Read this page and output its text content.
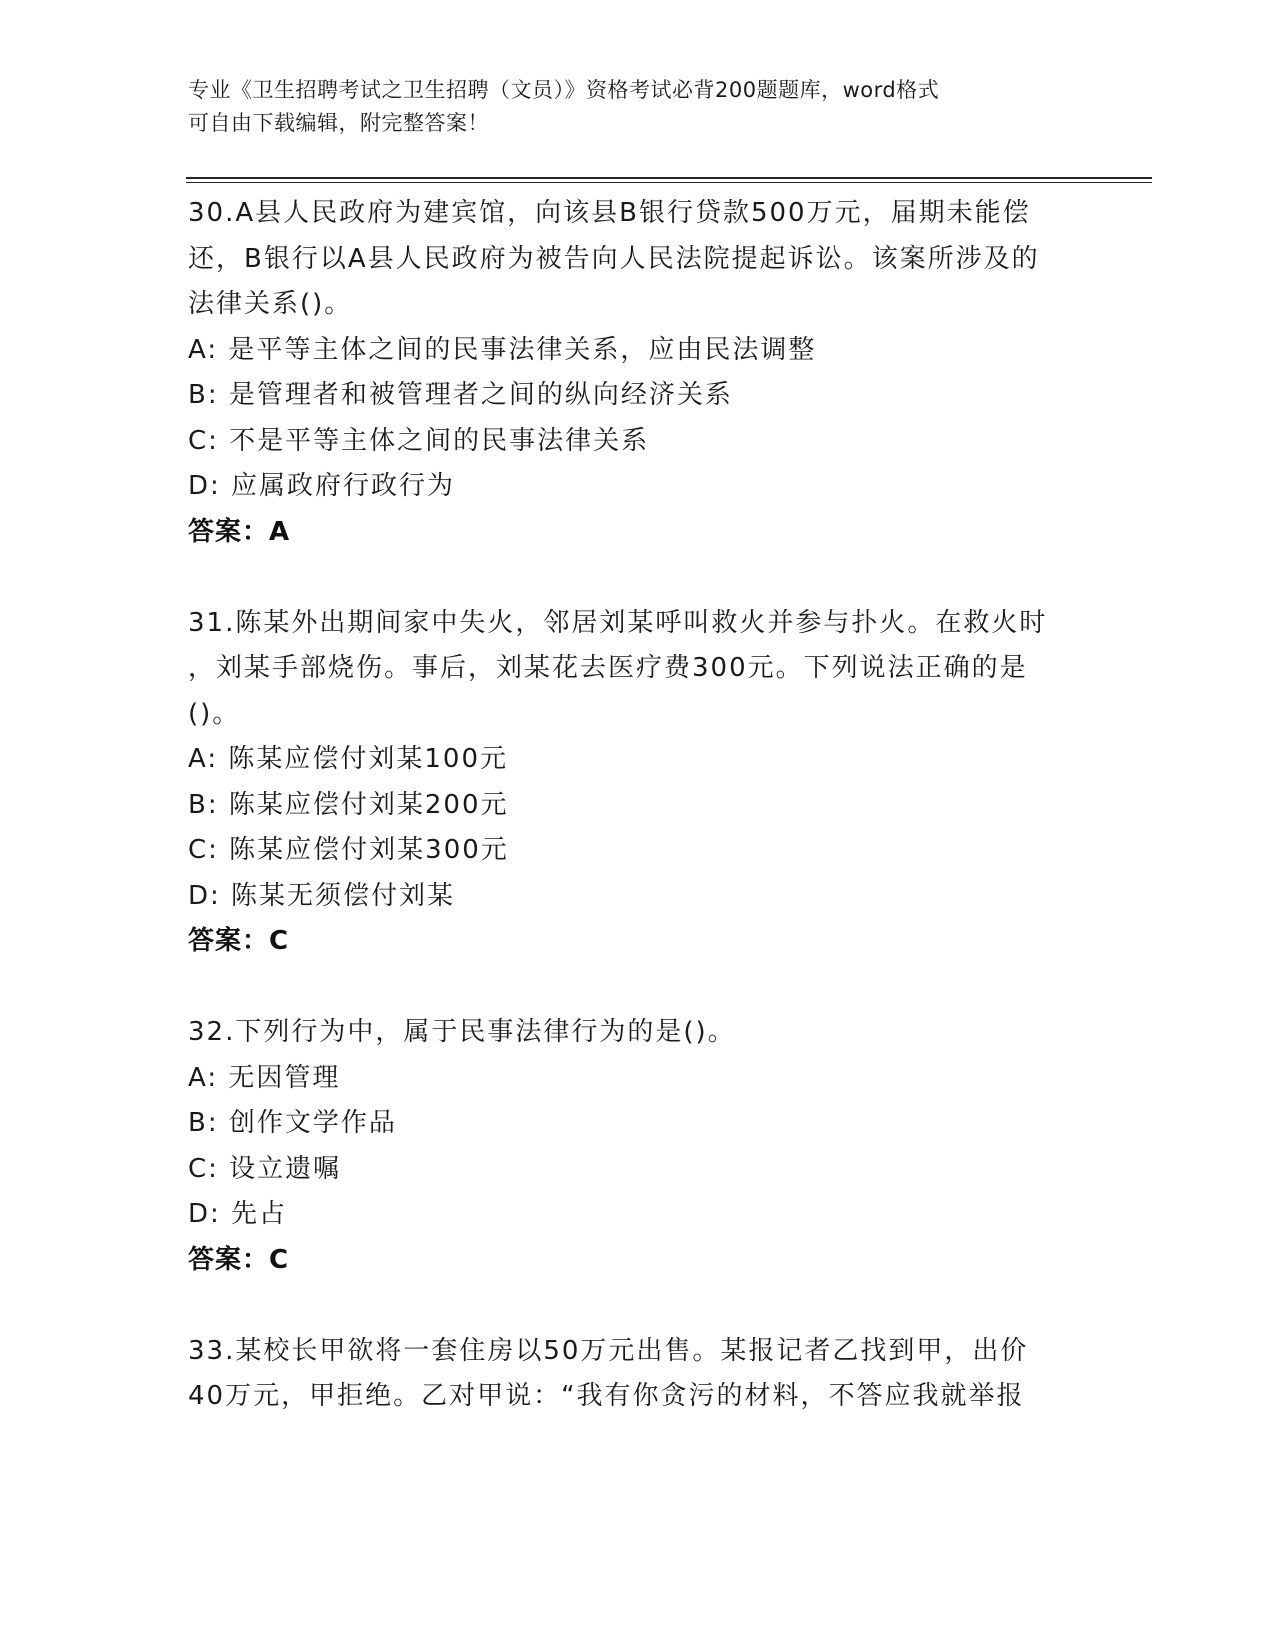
专业《卫生招聘考试之卫生招聘（文员）》资格考试必背200题题库，word格式
可自由下载编辑，附完整答案！

30.A县人民政府为建宾馆，向该县B银行贷款500万元，届期未能偿

还，B银行以A县人民政府为被告向人民法院提起诉讼。该案所涉及的

法律关系()。

A: 是平等主体之间的民事法律关系，应由民法调整

B: 是管理者和被管理者之间的纵向经济关系

C: 不是平等主体之间的民事法律关系

D: 应属政府行政行为

答案：A

31.陈某外出期间家中失火，邻居刘某呼叫救火并参与扑火。在救火时

，刘某手部烧伤。事后，刘某花去医疗费300元。下列说法正确的是

()。

A: 陈某应偿付刘某100元

B: 陈某应偿付刘某200元

C: 陈某应偿付刘某300元

D: 陈某无须偿付刘某

答案：C

32.下列行为中，属于民事法律行为的是()。

A: 无因管理

B: 创作文学作品

C: 设立遗嘱

D: 先占

答案：C

33.某校长甲欲将一套住房以50万元出售。某报记者乙找到甲，出价

40万元，甲拒绝。乙对甲说：“我有你贪污的材料，不答应我就举报
